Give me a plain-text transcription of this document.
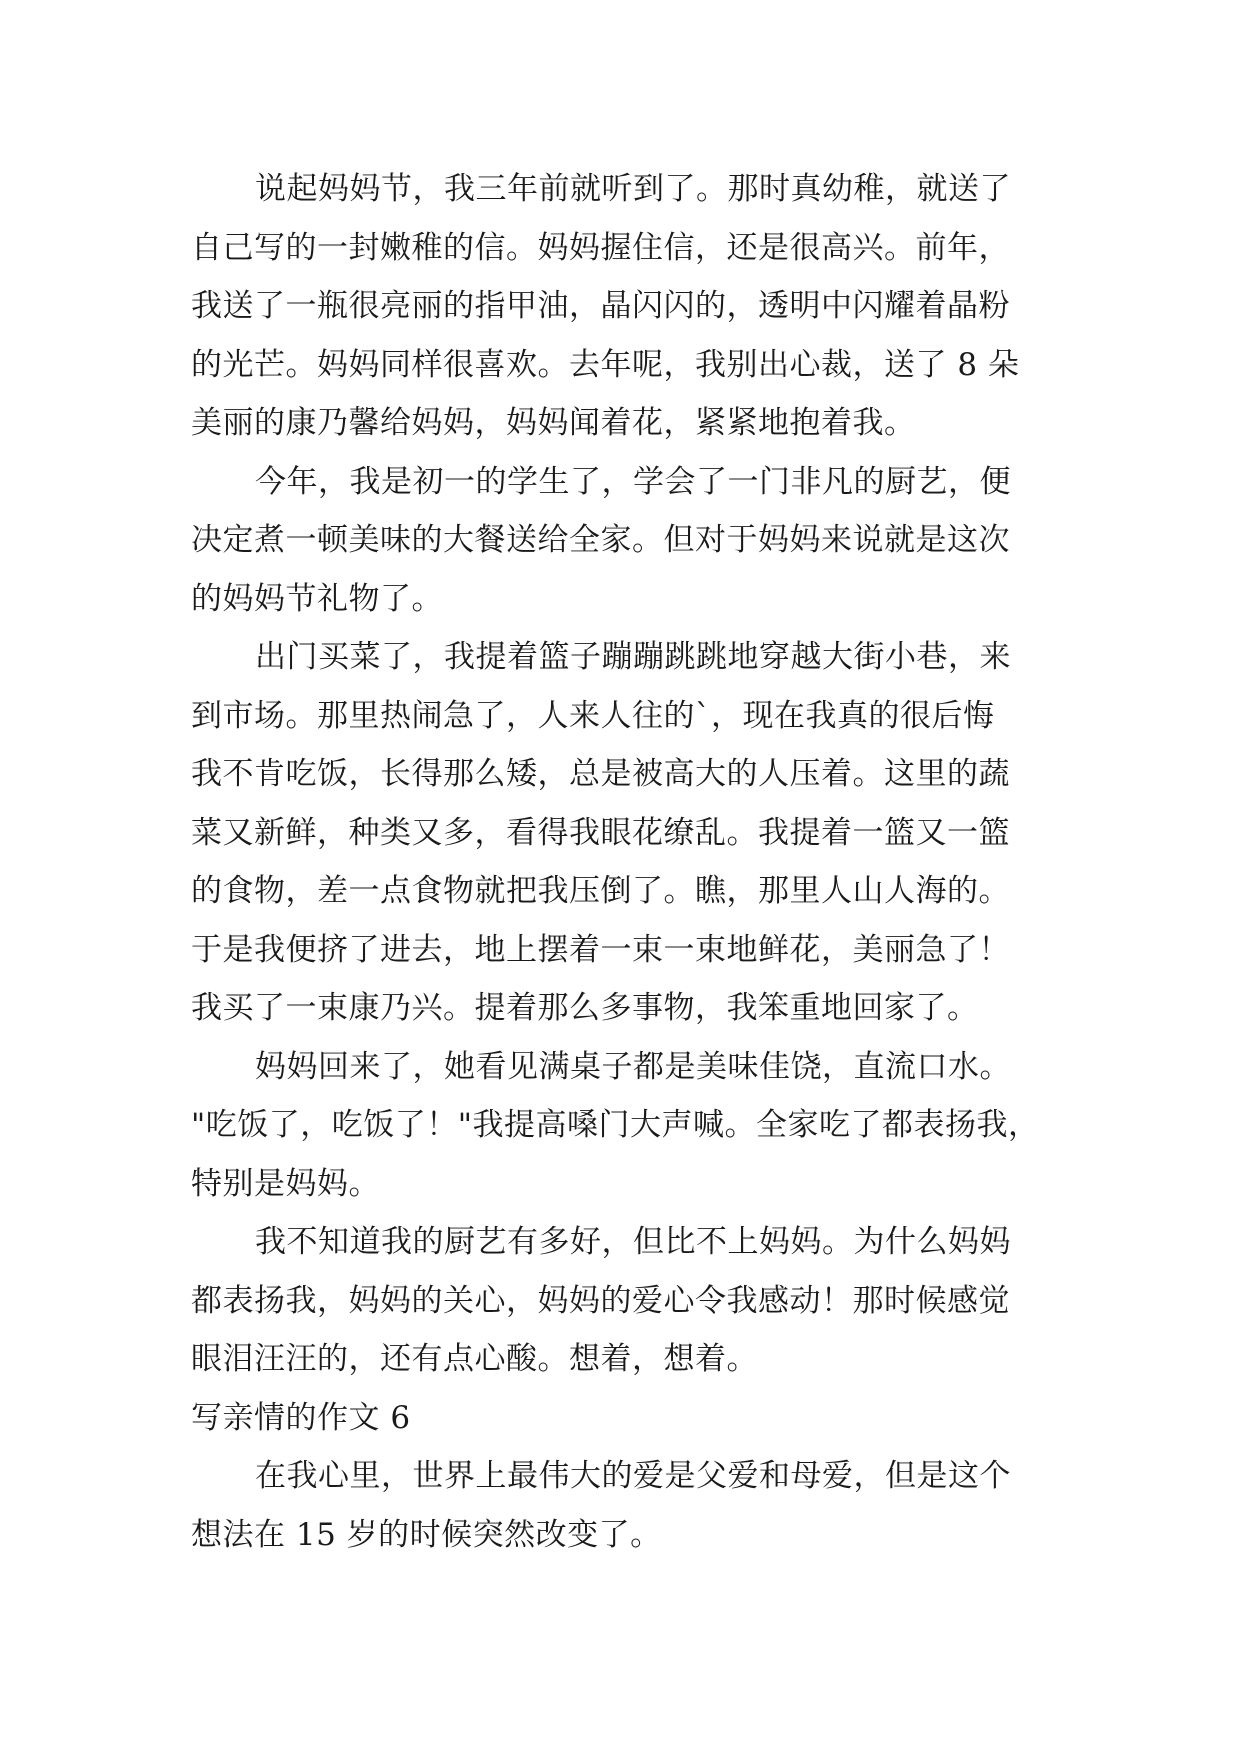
说起妈妈节，我三年前就听到了。那时真幼稚，就送了
自己写的一封嫩稚的信。妈妈握住信，还是很高兴。前年，
我送了一瓶很亮丽的指甲油，晶闪闪的，透明中闪耀着晶粉
的光芒。妈妈同样很喜欢。去年呢，我别出心裁，送了 8 朵
美丽的康乃馨给妈妈，妈妈闻着花，紧紧地抱着我。
今年，我是初一的学生了，学会了一门非凡的厨艺，便
决定煮一顿美味的大餐送给全家。但对于妈妈来说就是这次
的妈妈节礼物了。
出门买菜了，我提着篮子蹦蹦跳跳地穿越大街小巷，来
到市场。那里热闹急了，人来人往的`，现在我真的很后悔
我不肯吃饭，长得那么矮，总是被高大的人压着。这里的蔬
菜又新鲜，种类又多，看得我眼花缭乱。我提着一篮又一篮
的食物，差一点食物就把我压倒了。瞧，那里人山人海的。
于是我便挤了进去，地上摆着一束一束地鲜花，美丽急了！
我买了一束康乃兴。提着那么多事物，我笨重地回家了。
妈妈回来了，她看见满桌子都是美味佳饶，直流口水。
"吃饭了，吃饭了！"我提高嗓门大声喊。全家吃了都表扬我，
特别是妈妈。
我不知道我的厨艺有多好，但比不上妈妈。为什么妈妈
都表扬我，妈妈的关心，妈妈的爱心令我感动！那时候感觉
眼泪汪汪的，还有点心酸。想着，想着。
写亲情的作文 6
在我心里，世界上最伟大的爱是父爱和母爱，但是这个
想法在 15 岁的时候突然改变了。
